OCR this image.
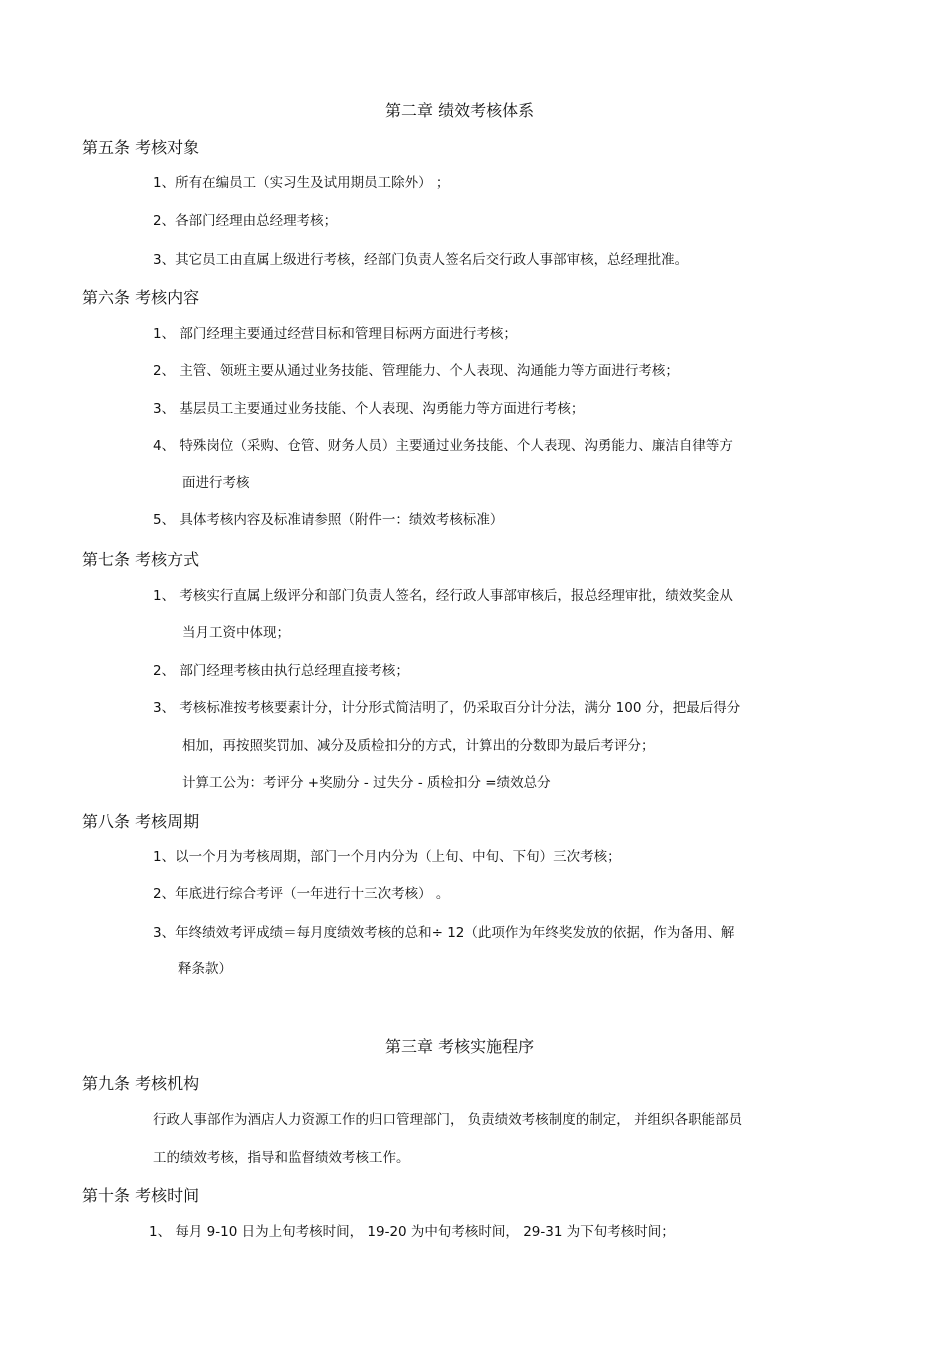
第二章 绩效考核体系
第五条 考核对象
1、所有在编员工（实习生及试用期员工除外） ；
2、各部门经理由总经理考核；
3、其它员工由直属上级进行考核，经部门负责人签名后交行政人事部审核，总经理批准。
第六条 考核内容
1、 部门经理主要通过经营目标和管理目标两方面进行考核；
2、 主管、领班主要从通过业务技能、管理能力、个人表现、沟通能力等方面进行考核；
3、 基层员工主要通过业务技能、个人表现、沟勇能力等方面进行考核；
4、 特殊岗位（采购、仓管、财务人员）主要通过业务技能、个人表现、沟勇能力、廉洁自律等方
面进行考核
5、 具体考核内容及标准请参照（附件一：绩效考核标准）
第七条 考核方式
1、 考核实行直属上级评分和部门负责人签名，经行政人事部审核后，报总经理审批，绩效奖金从
当月工资中体现；
2、 部门经理考核由执行总经理直接考核；
3、 考核标准按考核要素计分，计分形式简洁明了，仍采取百分计分法，满分 100 分，把最后得分
相加，再按照奖罚加、减分及质检扣分的方式，计算出的分数即为最后考评分；
计算工公为：考评分 +奖励分 - 过失分 - 质检扣分 =绩效总分
第八条 考核周期
1、以一个月为考核周期，部门一个月内分为（上旬、中旬、下旬）三次考核；
2、年底进行综合考评（一年进行十三次考核） 。
3、年终绩效考评成绩＝每月度绩效考核的总和÷ 12（此项作为年终奖发放的依据，作为备用、解
释条款）
第三章 考核实施程序
第九条 考核机构
行政人事部作为酒店人力资源工作的归口管理部门， 负责绩效考核制度的制定， 并组织各职能部员
工的绩效考核，指导和监督绩效考核工作。
第十条 考核时间
1、 每月 9-10 日为上旬考核时间， 19-20 为中旬考核时间， 29-31 为下旬考核时间；
